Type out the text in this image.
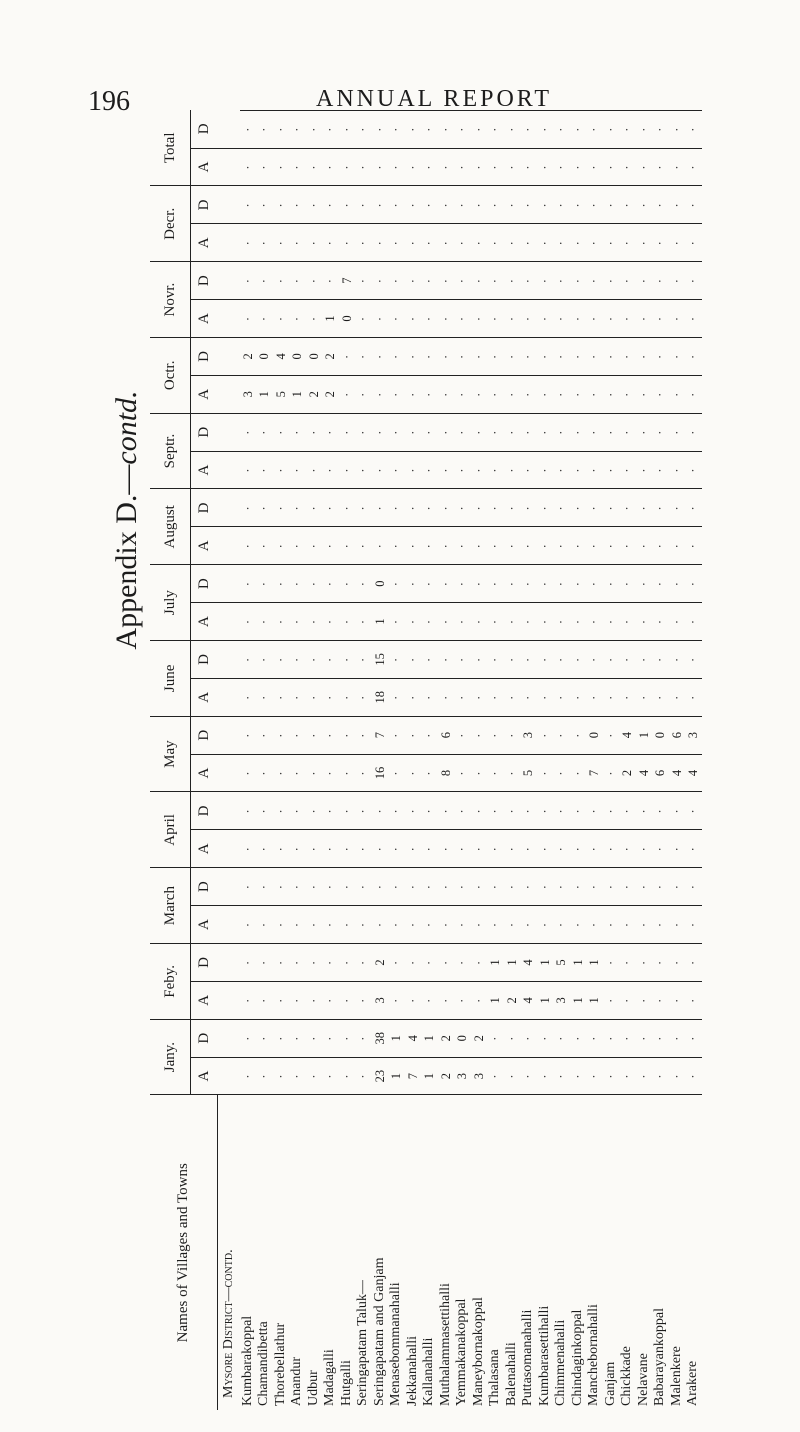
196	ANNUAL REPORT
Appendix D.—contd.
Names of Villages and Towns	Jany.		Feby.		March		April		May		June		July		August		Septr.		Octr.		Novr.		Decr.		Total		
	A	D	A	D	A	D	A	D	A	D	A	D	A	D	A	D	A	D	A	D	A	D	A	D	A	D	
Mysore District—contd.																											
Kumbarakoppal	·	·	·	·	·	·	·	·	·	·	·	·	·	·	·	·	·	·	3	2	·	·	·	·	·	·		
Chamandibetta	·	·	·	·	·	·	·	·	·	·	·	·	·	·	·	·	·	·	1	0	·	·	·	·	·	·		
Thorebellathur	·	·	·	·	·	·	·	·	·	·	·	·	·	·	·	·	·	·	5	4	·	·	·	·	·	·		
Anandur	·	·	·	·	·	·	·	·	·	·	·	·	·	·	·	·	·	·	1	0	·	·	·	·	·	·		
Udbur	·	·	·	·	·	·	·	·	·	·	·	·	·	·	·	·	·	·	2	0	·	·	·	·	·	·		
Madagalli	·	·	·	·	·	·	·	·	·	·	·	·	·	·	·	·	·	·	2	2	1	·	·	·	·	·		
Hutgalli	·	·	·	·	·	·	·	·	·	·	·	·	·	·	·	·	·	·	·	·	0	7	·	·	·	·		
Seringapatam Taluk—	·	·	·	·	·	·	·	·	·	·	·	·	·	·	·	·	·	·	·	·	·	·	·	·	·	·		
Seringapatam and Ganjam	23	38	3	2	·	·	·	·	16	7	18	15	1	0	·	·	·	·	·	·	·	·	·	·	·	·		
Menasebommanahalli	1	1	·	·	·	·	·	·	·	·	·	·	·	·	·	·	·	·	·	·	·	·	·	·	·	·		
Jekkanahalli	7	4	·	·	·	·	·	·	·	·	·	·	·	·	·	·	·	·	·	·	·	·	·	·	·	·		
Kallanahalli	1	1	·	·	·	·	·	·	·	·	·	·	·	·	·	·	·	·	·	·	·	·	·	·	·	·		
Muthalammasettihalli	2	2	·	·	·	·	·	·	8	6	·	·	·	·	·	·	·	·	·	·	·	·	·	·	·	·		
Yemmakanakoppal	3	0	·	·	·	·	·	·	·	·	·	·	·	·	·	·	·	·	·	·	·	·	·	·	·	·		
Maneybornakoppal	3	2	·	·	·	·	·	·	·	·	·	·	·	·	·	·	·	·	·	·	·	·	·	·	·	·		
Thalasana	·	·	1	1	·	·	·	·	·	·	·	·	·	·	·	·	·	·	·	·	·	·	·	·	·	·		
Balenahalli	·	·	2	1	·	·	·	·	·	·	·	·	·	·	·	·	·	·	·	·	·	·	·	·	·	·		
Puttasomanahalli	·	·	4	4	·	·	·	·	5	3	·	·	·	·	·	·	·	·	·	·	·	·	·	·	·	·		
Kumbarasettihalli	·	·	1	1	·	·	·	·	·	·	·	·	·	·	·	·	·	·	·	·	·	·	·	·	·	·		
Chimmenahalli	·	·	3	5	·	·	·	·	·	·	·	·	·	·	·	·	·	·	·	·	·	·	·	·	·	·		
Chindaginkoppal	·	·	1	1	·	·	·	·	·	·	·	·	·	·	·	·	·	·	·	·	·	·	·	·	·	·		
Manchebornahalli	·	·	1	1	·	·	·	·	7	0	·	·	·	·	·	·	·	·	·	·	·	·	·	·	·	·		
Ganjam	·	·	·	·	·	·	·	·	·	·	·	·	·	·	·	·	·	·	·	·	·	·	·	·	·	·		
Chickkade	·	·	·	·	·	·	·	·	2	4	·	·	·	·	·	·	·	·	·	·	·	·	·	·	·	·		
Nelavane	·	·	·	·	·	·	·	·	4	1	·	·	·	·	·	·	·	·	·	·	·	·	·	·	·	·		
Babarayankoppal	·	·	·	·	·	·	·	·	6	0	·	·	·	·	·	·	·	·	·	·	·	·	·	·	·	·		
Malenkere	·	·	·	·	·	·	·	·	4	6	·	·	·	·	·	·	·	·	·	·	·	·	·	·	·	·		
Arakere	·	·	·	·	·	·	·	·	4	3	·	·	·	·	·	·	·	·	·	·	·	·	·	·	·	·		
